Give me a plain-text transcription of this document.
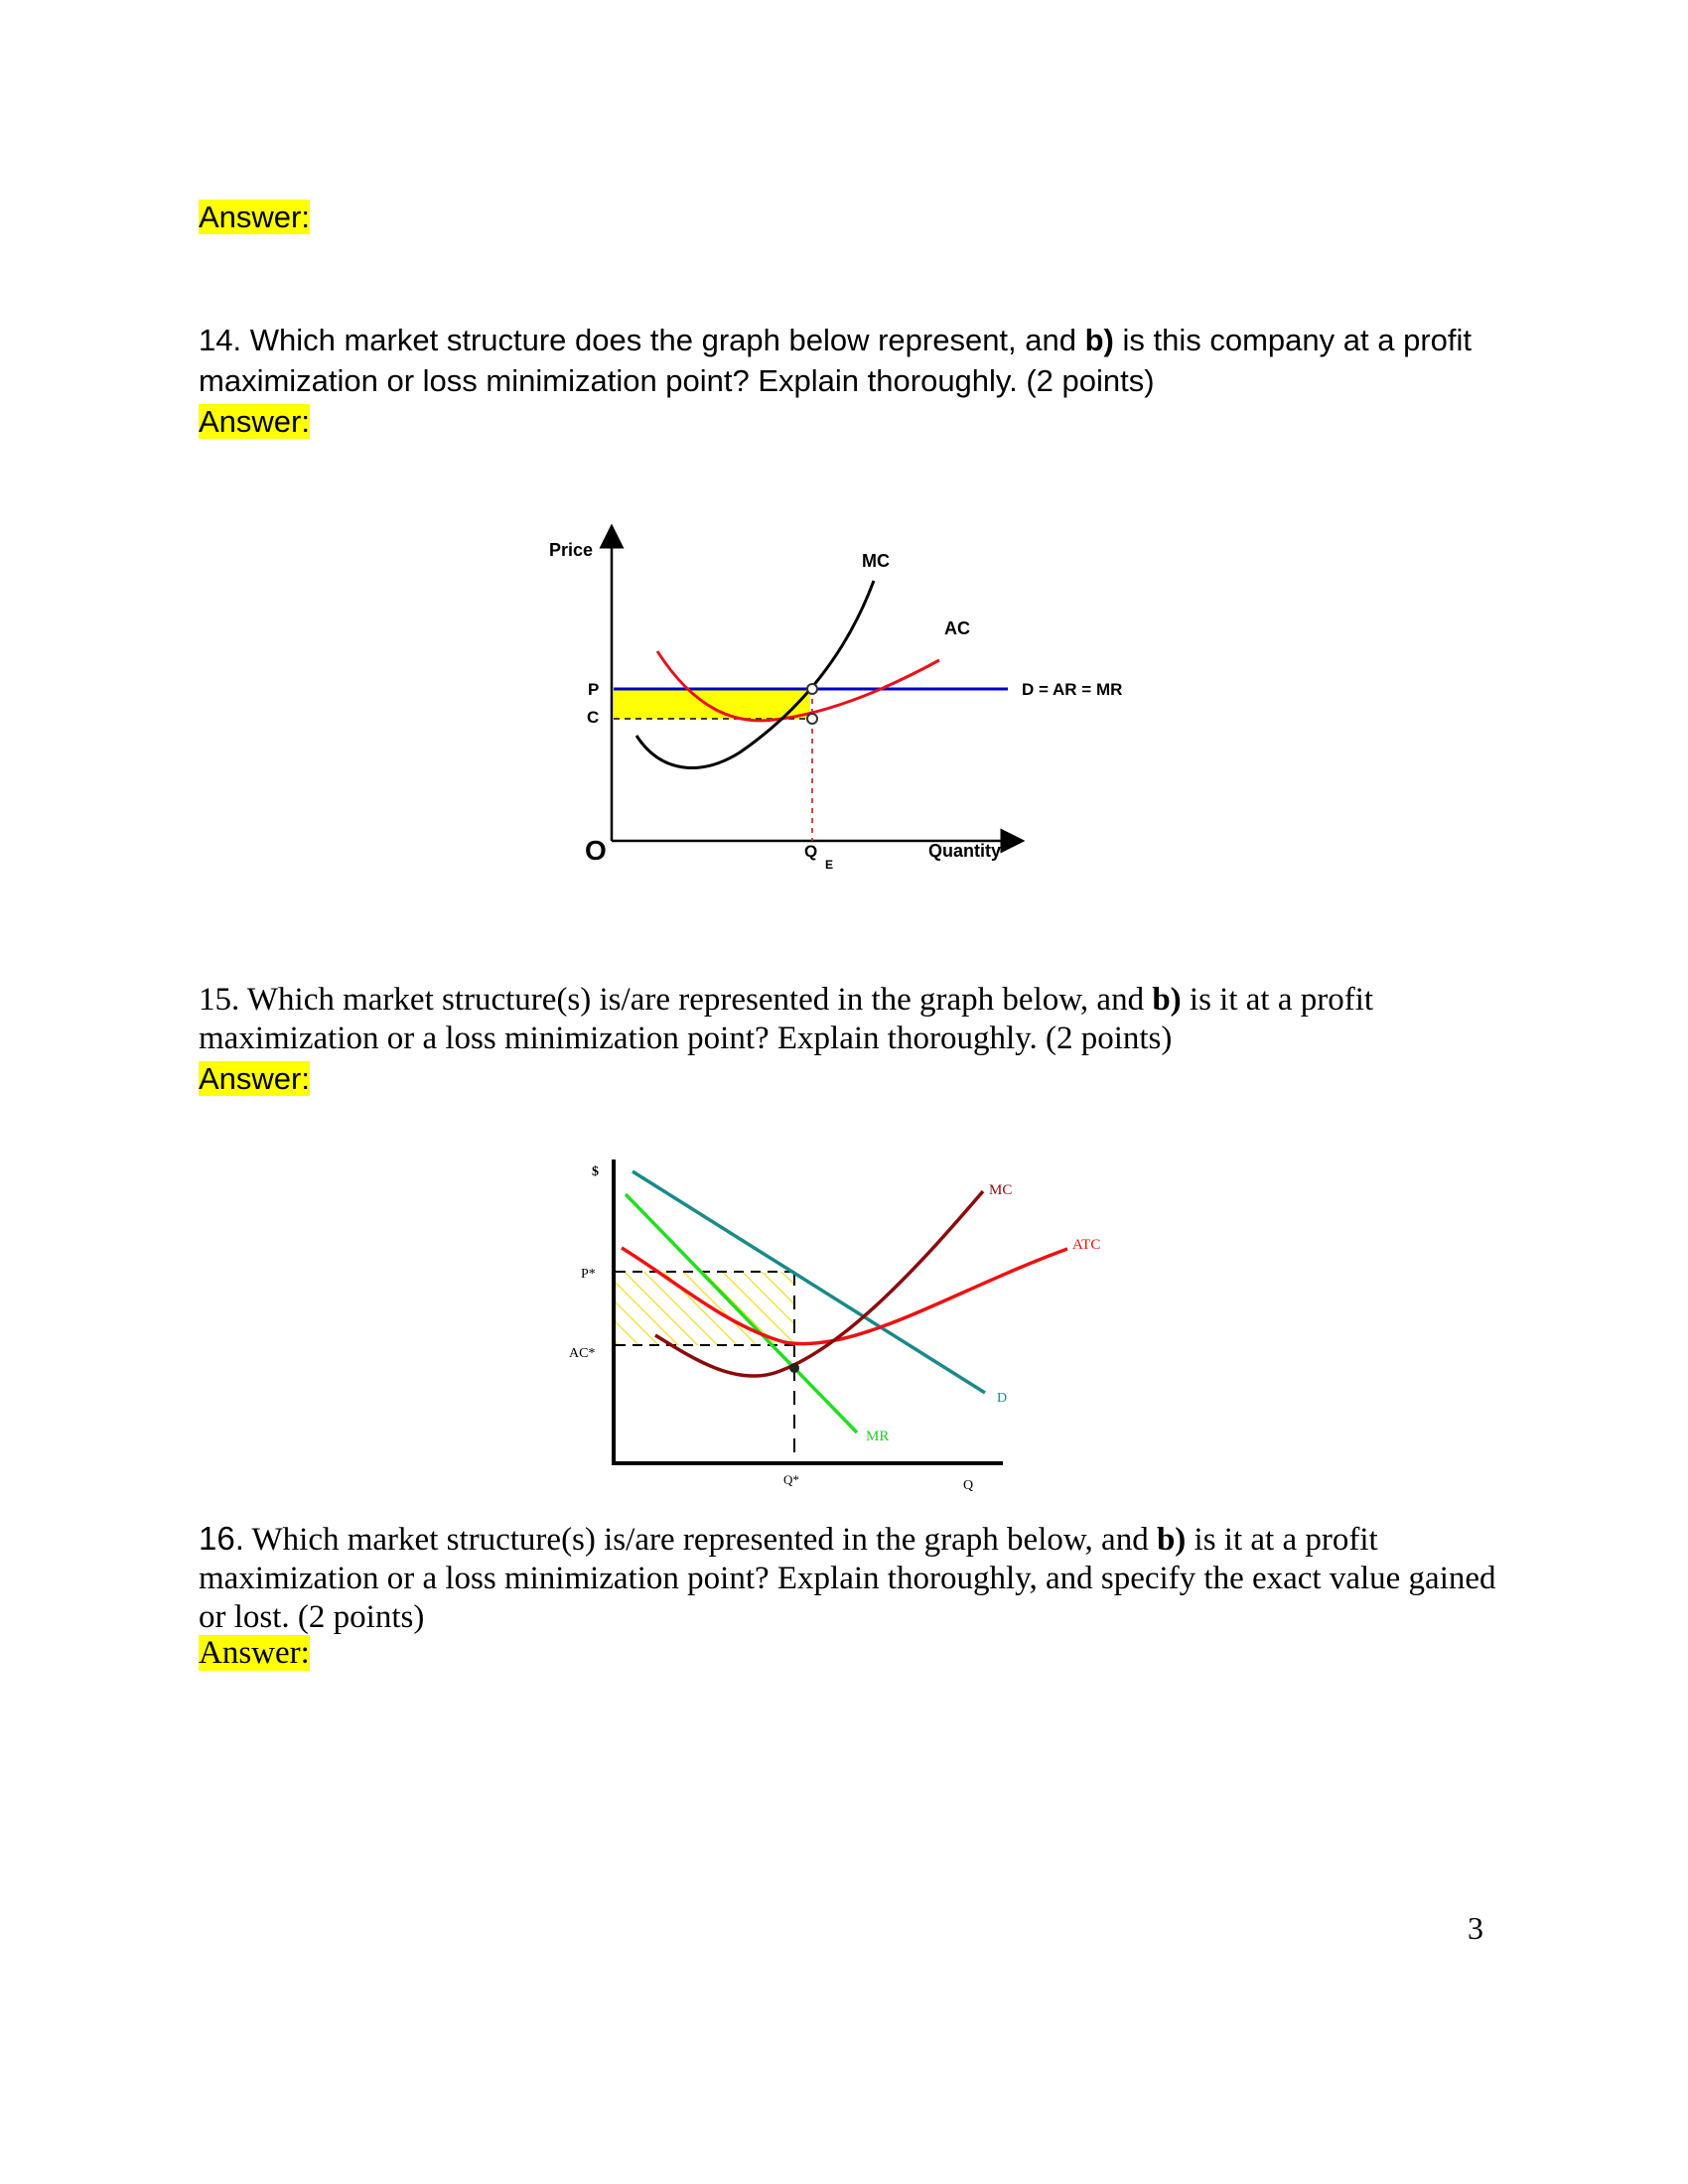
Answer:
14. Which market structure does the graph below represent, and b) is this company at a profit maximization or loss minimization point? Explain thoroughly. (2 points)
Answer:
Price
MC
AC
P
C
D = AR = MR
O	Q
E
Quantity
15. Which market structure(s) is/are represented in the graph below, and b) is it at a profit maximization or a loss minimization point? Explain thoroughly. (2 points)
Answer:
$
P*
AC*
MC
ATC
D
MR
Q*	Q
16. Which market structure(s) is/are represented in the graph below, and b) is it at a profit maximization or a loss minimization point? Explain thoroughly, and specify the exact value gained or lost. (2 points)
Answer:
3
